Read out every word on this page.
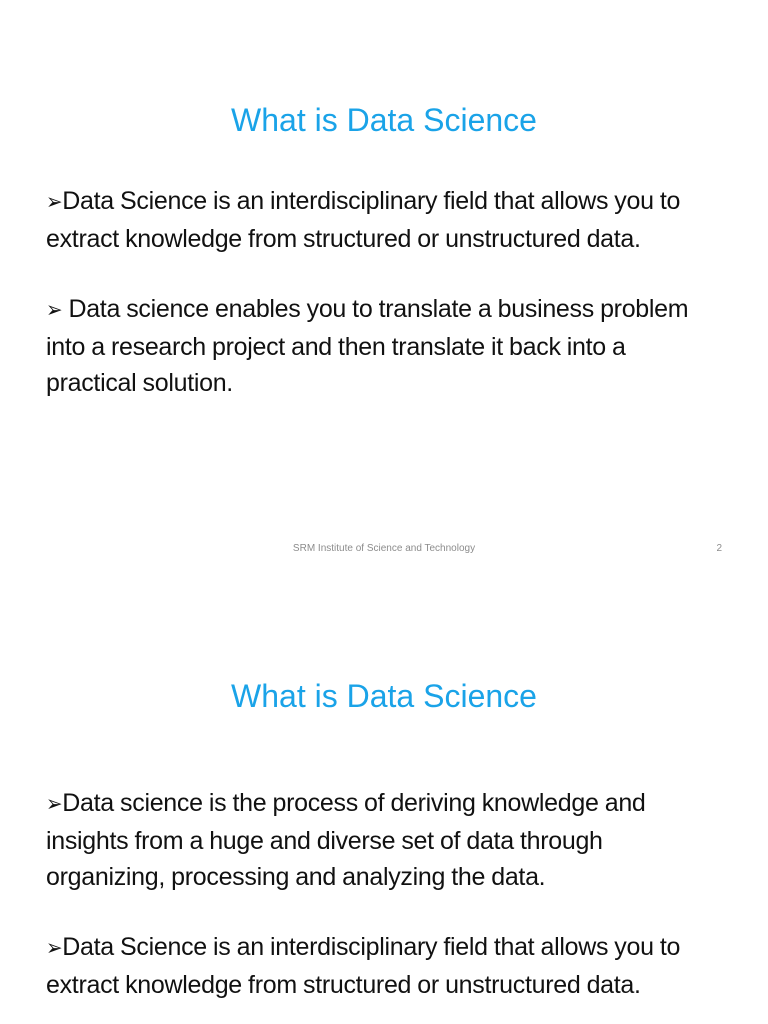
What is Data Science

➢Data Science is an interdisciplinary field that allows you to
extract knowledge from structured or unstructured data.

➢ Data science enables you to translate a business problem
into a research project and then translate it back into a
practical solution.

SRM Institute of Science and Technology	2
What is Data Science

➢Data science is the process of deriving knowledge and
insights from a huge and diverse set of data through
organizing, processing and analyzing the data.

➢Data Science is an interdisciplinary field that allows you to
extract knowledge from structured or unstructured data.
